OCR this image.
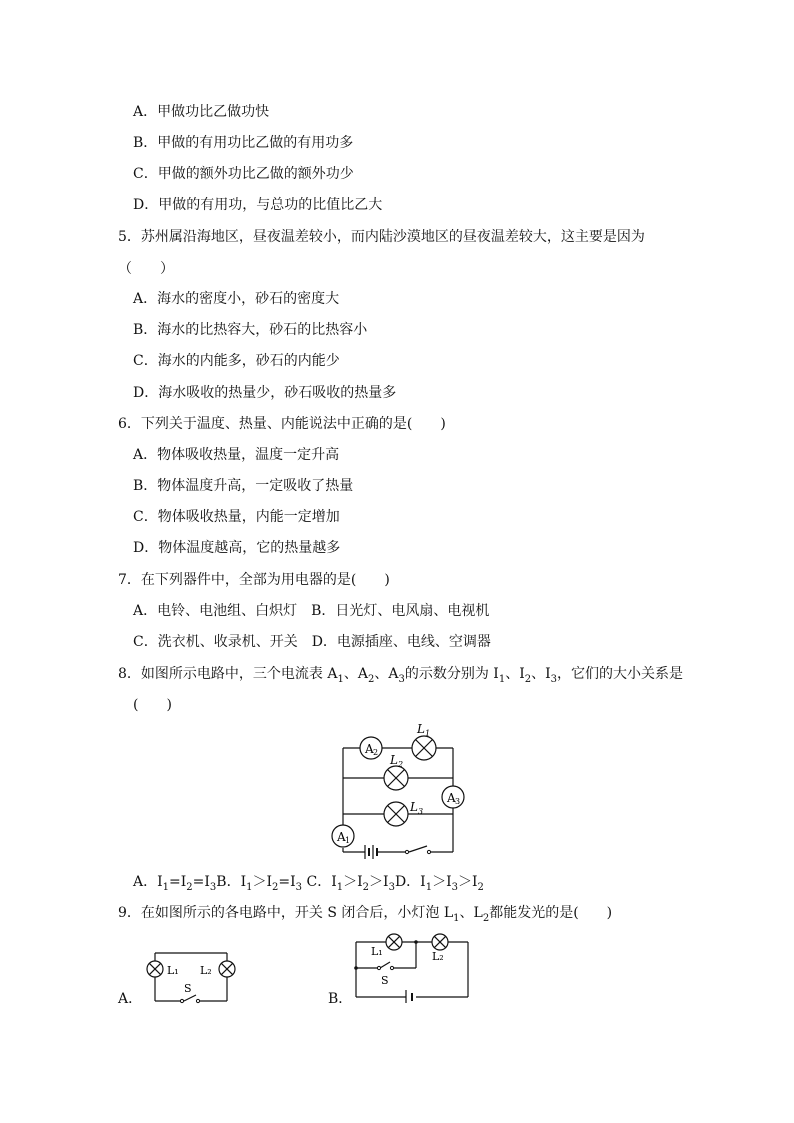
A．甲做功比乙做功快
B．甲做的有用功比乙做的有用功多
C．甲做的额外功比乙做的额外功少
D．甲做的有用功，与总功的比值比乙大
5．苏州属沿海地区，昼夜温差较小，而内陆沙漠地区的昼夜温差较大，这主要是因为
（　　）
A．海水的密度小，砂石的密度大
B．海水的比热容大，砂石的比热容小
C．海水的内能多，砂石的内能少
D．海水吸收的热量少，砂石吸收的热量多
6．下列关于温度、热量、内能说法中正确的是(　　)
A．物体吸收热量，温度一定升高
B．物体温度升高，一定吸收了热量
C．物体吸收热量，内能一定增加
D．物体温度越高，它的热量越多
7．在下列器件中，全部为用电器的是(　　)
A．电铃、电池组、白炽灯　B．日光灯、电风扇、电视机
C．洗衣机、收录机、开关　D．电源插座、电线、空调器
8．如图所示电路中，三个电流表 $A_1$、$A_2$、$A_3$的示数分别为 $I_1$、$I_2$、$I_3$，它们的大小关系是
(　　)
A 2
$L_1$
$L_2$
A 3
$L_3$
A 1
A．$I_1=I_2=I_3B$．$I_1>I_2=I_3$ C．$I_1>I_2>I_3D$．$I_1>I_3>I_2$
9．在如图所示的各电路中，开关 S 闭合后，小灯泡 $L_1$、$L_2$都能发光的是(　　)
A．	B．
L₁ L₂
S
L₁	L₂
S
